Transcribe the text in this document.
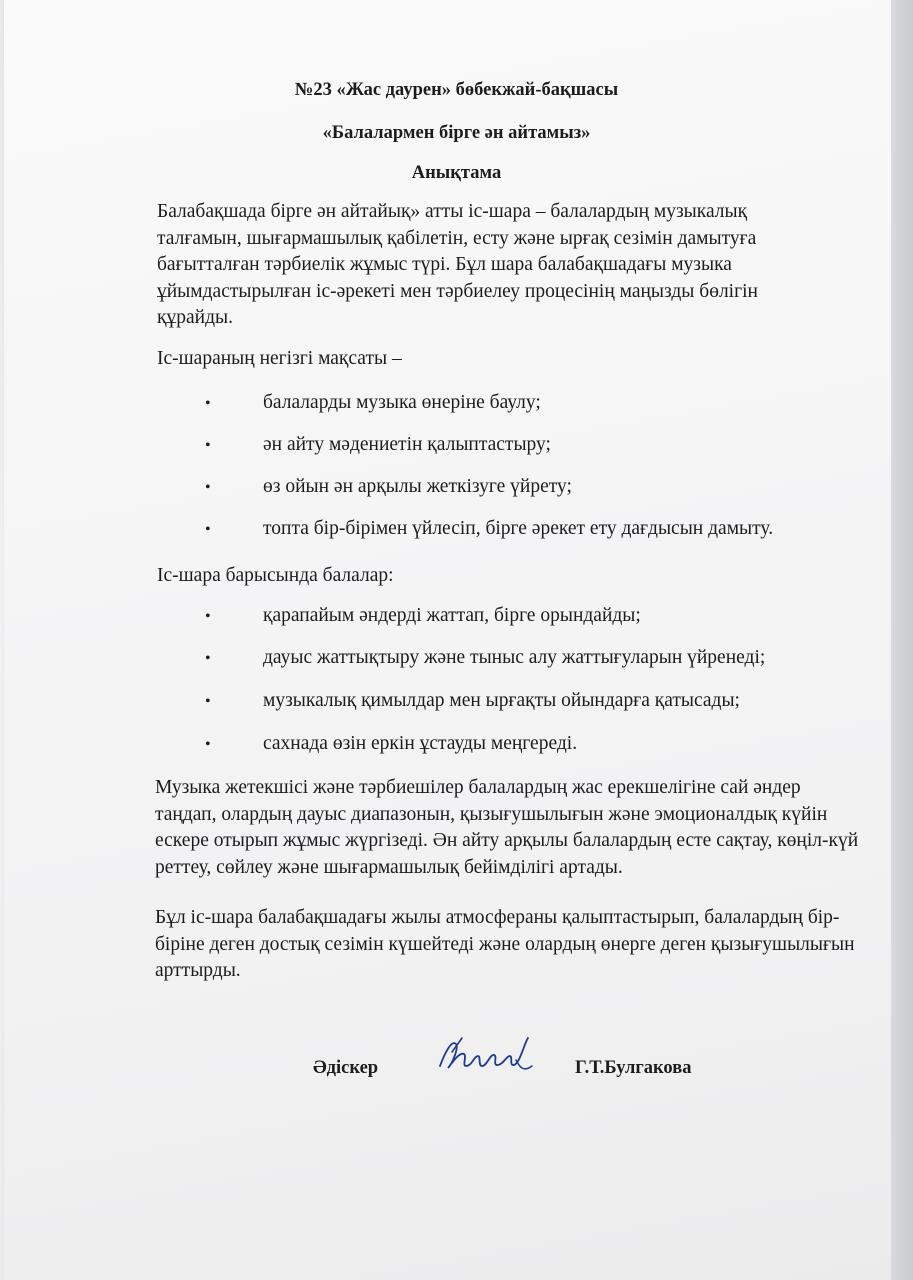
№23 «Жас даурен» бөбекжай-бақшасы
«Балалармен бірге ән айтамыз»
Анықтама
Балабақшада бірге ән айтайық» атты іс-шара – балалардың музыкалық талғамын, шығармашылық қабілетін, есту және ырғақ сезімін дамытуға бағытталған тәрбиелік жұмыс түрі. Бұл шара балабақшадағы музыка ұйымдастырылған іс-әрекеті мен тәрбиелеу процесінің маңызды бөлігін құрайды.
Іс-шараның негізгі мақсаты –
•	балаларды музыка өнеріне баулу;
•	ән айту мәдениетін қалыптастыру;
•	өз ойын ән арқылы жеткізуге үйрету;
•	топта бір-бірімен үйлесіп, бірге әрекет ету дағдысын дамыту.
Іс-шара барысында балалар:
•	қарапайым әндерді жаттап, бірге орындайды;
•	дауыс жаттықтыру және тыныс алу жаттығуларын үйренеді;
•	музыкалық қимылдар мен ырғақты ойындарға қатысады;
•	сахнада өзін еркін ұстауды меңгереді.
Музыка жетекшісі және тәрбиешілер балалардың жас ерекшелігіне сай әндер таңдап, олардың дауыс диапазонын, қызығушылығын және эмоционалдық күйін ескере отырып жұмыс жүргізеді. Ән айту арқылы балалардың есте сақтау, көңіл-күй реттеу, сөйлеу және шығармашылық бейімділігі артады.
Бұл іс-шара балабақшадағы жылы атмосфераны қалыптастырып, балалардың бір-біріне деген достық сезімін күшейтеді және олардың өнерге деген қызығушылығын арттырды.
Әдіскер	Г.Т.Булгакова
